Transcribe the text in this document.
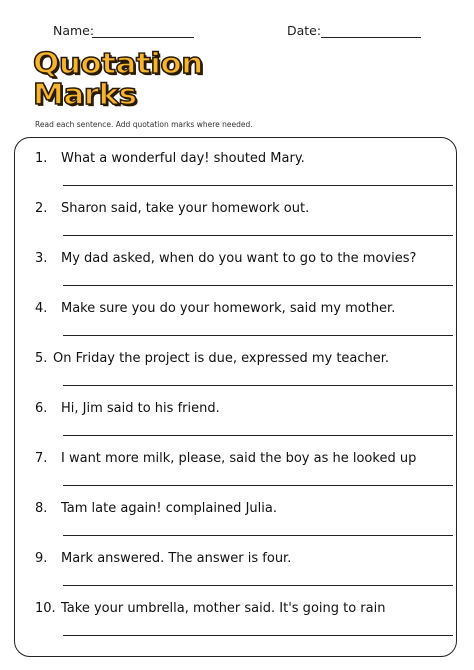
Name:	Date:
Quotation
Marks
Read each sentence. Add quotation marks where needed.
1. What a wonderful day! shouted Mary.
2. Sharon said, take your homework out.
3. My dad asked, when do you want to go to the movies?
4. Make sure you do your homework, said my mother.
5. On Friday the project is due, expressed my teacher.
6. Hi, Jim said to his friend.
7. I want more milk, please, said the boy as he looked up
8. Tam late again! complained Julia.
9. Mark answered. The answer is four.
10. Take your umbrella, mother said. It's going to rain
